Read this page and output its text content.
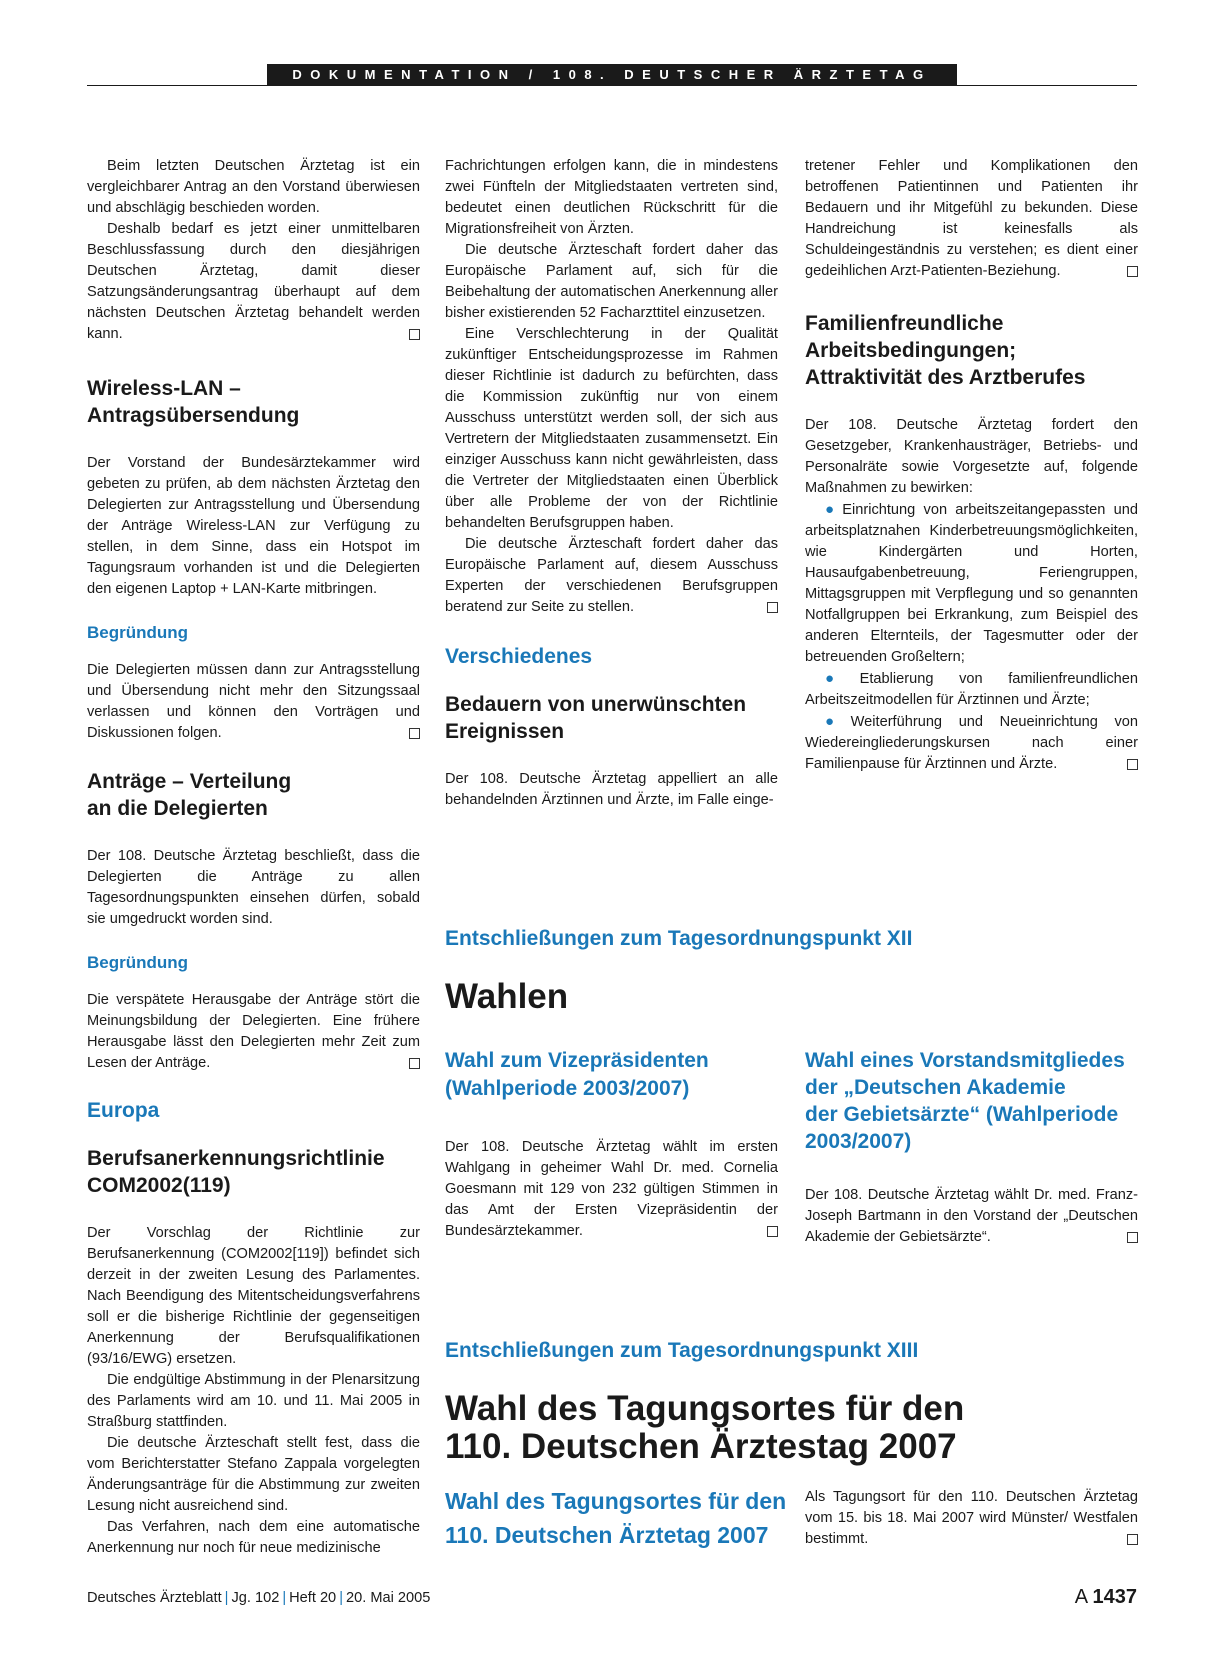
DOKUMENTATION / 108. DEUTSCHER ÄRZTETAG

Beim letzten Deutschen Ärztetag ist ein vergleichbarer Antrag an den Vorstand überwiesen und abschlägig beschieden worden.

Deshalb bedarf es jetzt einer unmittelbaren Beschlussfassung durch den diesjährigen Deutschen Ärztetag, damit dieser Satzungsänderungsantrag überhaupt auf dem nächsten Deutschen Ärztetag behandelt werden kann.

Wireless-LAN –
Antragsübersendung

Der Vorstand der Bundesärztekammer wird gebeten zu prüfen, ab dem nächsten Ärztetag den Delegierten zur Antragsstellung und Übersendung der Anträge Wireless-LAN zur Verfügung zu stellen, in dem Sinne, dass ein Hotspot im Tagungsraum vorhanden ist und die Delegierten den eigenen Laptop + LAN-Karte mitbringen.

Begründung

Die Delegierten müssen dann zur Antragsstellung und Übersendung nicht mehr den Sitzungssaal verlassen und können den Vorträgen und Diskussionen folgen.

Anträge – Verteilung
an die Delegierten

Der 108. Deutsche Ärztetag beschließt, dass die Delegierten die Anträge zu allen Tagesordnungspunkten einsehen dürfen, sobald sie umgedruckt worden sind.

Begründung

Die verspätete Herausgabe der Anträge stört die Meinungsbildung der Delegierten. Eine frühere Herausgabe lässt den Delegierten mehr Zeit zum Lesen der Anträge.

Europa

Berufsanerkennungsrichtlinie
COM2002(119)

Der Vorschlag der Richtlinie zur Berufsanerkennung (COM2002[119]) befindet sich derzeit in der zweiten Lesung des Parlamentes. Nach Beendigung des Mitentscheidungsverfahrens soll er die bisherige Richtlinie der gegenseitigen Anerkennung der Berufsqualifikationen (93/16/EWG) ersetzen.

Die endgültige Abstimmung in der Plenarsitzung des Parlaments wird am 10. und 11. Mai 2005 in Straßburg stattfinden.

Die deutsche Ärzteschaft stellt fest, dass die vom Berichterstatter Stefano Zappala vorgelegten Änderungsanträge für die Abstimmung zur zweiten Lesung nicht ausreichend sind.

Das Verfahren, nach dem eine automatische Anerkennung nur noch für neue medizinische

Fachrichtungen erfolgen kann, die in mindestens zwei Fünfteln der Mitgliedstaaten vertreten sind, bedeutet einen deutlichen Rückschritt für die Migrationsfreiheit von Ärzten.

Die deutsche Ärzteschaft fordert daher das Europäische Parlament auf, sich für die Beibehaltung der automatischen Anerkennung aller bisher existierenden 52 Facharzttitel einzusetzen.

Eine Verschlechterung in der Qualität zukünftiger Entscheidungsprozesse im Rahmen dieser Richtlinie ist dadurch zu befürchten, dass die Kommission zukünftig nur von einem Ausschuss unterstützt werden soll, der sich aus Vertretern der Mitgliedstaaten zusammensetzt. Ein einziger Ausschuss kann nicht gewährleisten, dass die Vertreter der Mitgliedstaaten einen Überblick über alle Probleme der von der Richtlinie behandelten Berufsgruppen haben.

Die deutsche Ärzteschaft fordert daher das Europäische Parlament auf, diesem Ausschuss Experten der verschiedenen Berufsgruppen beratend zur Seite zu stellen.

Verschiedenes

Bedauern von unerwünschten
Ereignissen

Der 108. Deutsche Ärztetag appelliert an alle behandelnden Ärztinnen und Ärzte, im Falle einge-

tretener Fehler und Komplikationen den betroffenen Patientinnen und Patienten ihr Bedauern und ihr Mitgefühl zu bekunden. Diese Handreichung ist keinesfalls als Schuldeingeständnis zu verstehen; es dient einer gedeihlichen Arzt-Patienten-Beziehung.

Familienfreundliche
Arbeitsbedingungen;
Attraktivität des Arztberufes

Der 108. Deutsche Ärztetag fordert den Gesetzgeber, Krankenhausträger, Betriebs- und Personalräte sowie Vorgesetzte auf, folgende Maßnahmen zu bewirken:

● Einrichtung von arbeitszeitangepassten und arbeitsplatznahen Kinderbetreuungsmöglichkeiten, wie Kindergärten und Horten, Hausaufgabenbetreuung, Feriengruppen, Mittagsgruppen mit Verpflegung und so genannten Notfallgruppen bei Erkrankung, zum Beispiel des anderen Elternteils, der Tagesmutter oder der betreuenden Großeltern;

● Etablierung von familienfreundlichen Arbeitszeitmodellen für Ärztinnen und Ärzte;

● Weiterführung und Neueinrichtung von Wiedereingliederungskursen nach einer Familienpause für Ärztinnen und Ärzte.

Entschließungen zum Tagesordnungspunkt XII
Wahlen

Wahl zum Vizepräsidenten
(Wahlperiode 2003/2007)

Der 108. Deutsche Ärztetag wählt im ersten Wahlgang in geheimer Wahl Dr. med. Cornelia Goesmann mit 129 von 232 gültigen Stimmen in das Amt der Ersten Vizepräsidentin der Bundesärztekammer.

Wahl eines Vorstandsmitgliedes
der „Deutschen Akademie
der Gebietsärzte“ (Wahlperiode
2003/2007)

Der 108. Deutsche Ärztetag wählt Dr. med. Franz-Joseph Bartmann in den Vorstand der „Deutschen Akademie der Gebietsärzte“.

Entschließungen zum Tagesordnungspunkt XIII
Wahl des Tagungsortes für den
110. Deutschen Ärztestag 2007
Wahl des Tagungsortes für den
110. Deutschen Ärztetag 2007

Als Tagungsort für den 110. Deutschen Ärztetag vom 15. bis 18. Mai 2007 wird Münster/ Westfalen bestimmt.

Deutsches Ärzteblatt | Jg. 102 | Heft 20 | 20. Mai 2005	A 1437
